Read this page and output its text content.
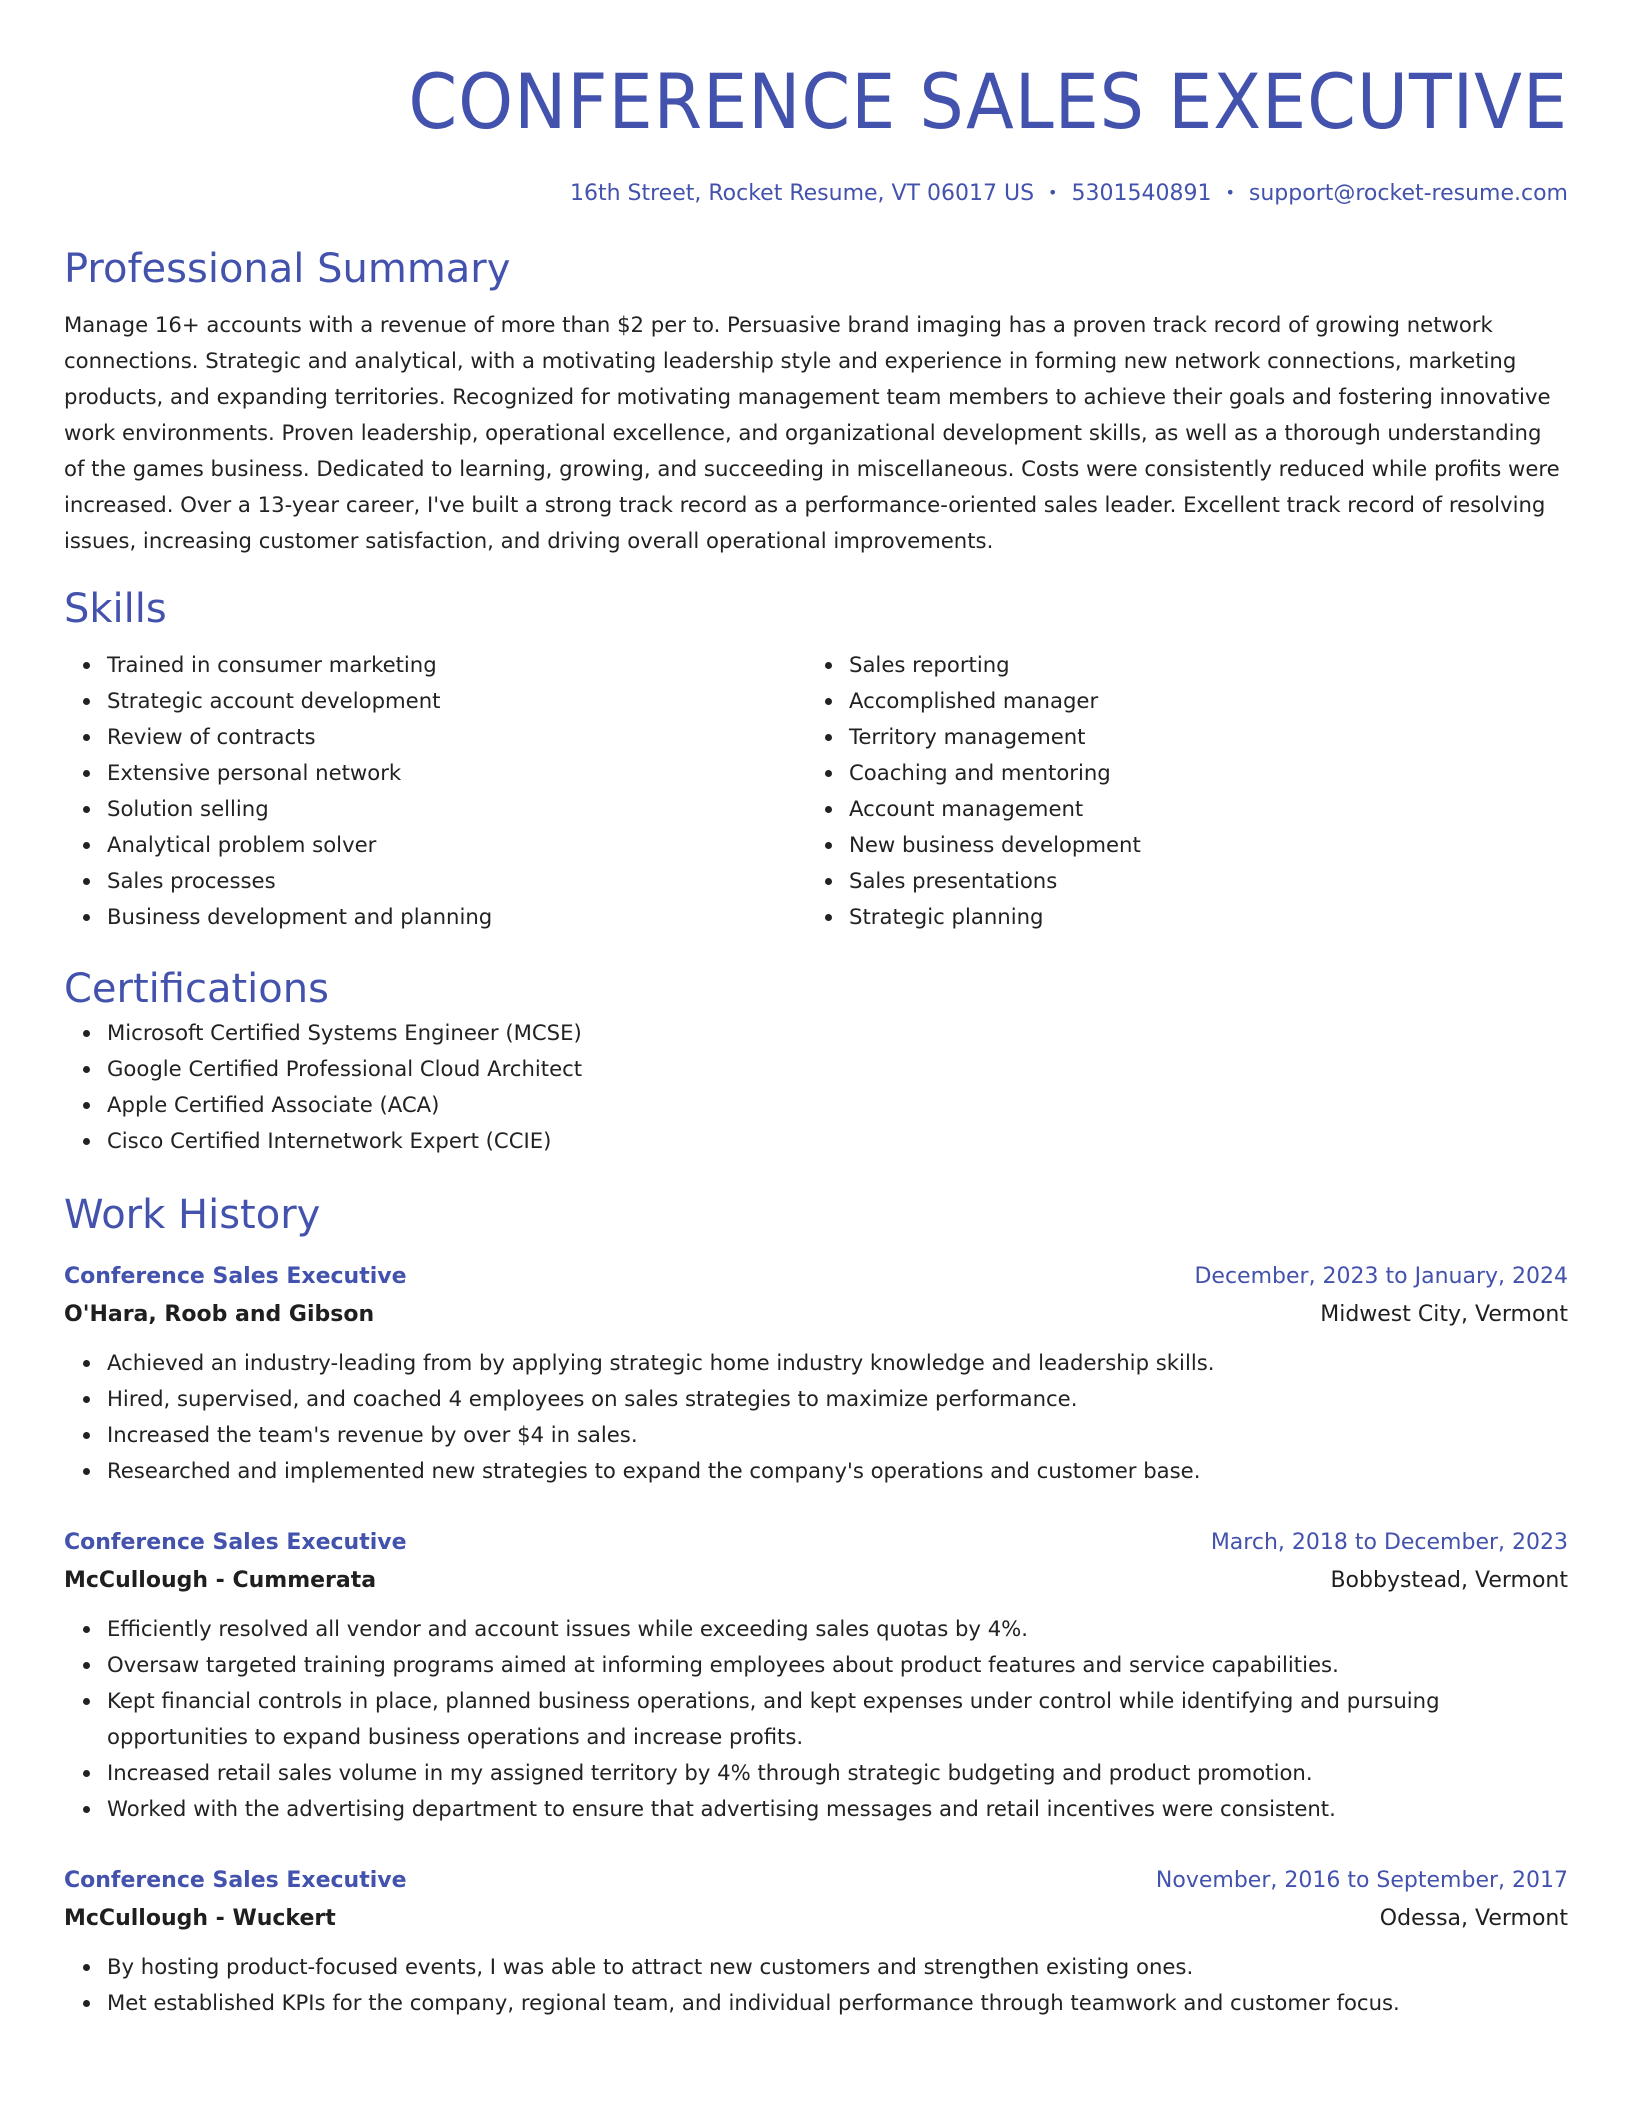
CONFERENCE SALES EXECUTIVE
16th Street, Rocket Resume, VT 06017 US • 5301540891 • support@rocket-resume.com
Professional Summary
Manage 16+ accounts with a revenue of more than $2 per to. Persuasive brand imaging has a proven track record of growing network connections. Strategic and analytical, with a motivating leadership style and experience in forming new network connections, marketing products, and expanding territories. Recognized for motivating management team members to achieve their goals and fostering innovative work environments. Proven leadership, operational excellence, and organizational development skills, as well as a thorough understanding of the games business. Dedicated to learning, growing, and succeeding in miscellaneous. Costs were consistently reduced while profits were increased. Over a 13-year career, I've built a strong track record as a performance-oriented sales leader. Excellent track record of resolving issues, increasing customer satisfaction, and driving overall operational improvements.
Skills
Trained in consumer marketing
Strategic account development
Review of contracts
Extensive personal network
Solution selling
Analytical problem solver
Sales processes
Business development and planning
Sales reporting
Accomplished manager
Territory management
Coaching and mentoring
Account management
New business development
Sales presentations
Strategic planning
Certifications
Microsoft Certified Systems Engineer (MCSE)
Google Certified Professional Cloud Architect
Apple Certified Associate (ACA)
Cisco Certified Internetwork Expert (CCIE)
Work History
Conference Sales Executive	December, 2023 to January, 2024
O'Hara, Roob and Gibson	Midwest City, Vermont
Achieved an industry-leading from by applying strategic home industry knowledge and leadership skills.
Hired, supervised, and coached 4 employees on sales strategies to maximize performance.
Increased the team's revenue by over $4 in sales.
Researched and implemented new strategies to expand the company's operations and customer base.
Conference Sales Executive	March, 2018 to December, 2023
McCullough - Cummerata	Bobbystead, Vermont
Efficiently resolved all vendor and account issues while exceeding sales quotas by 4%.
Oversaw targeted training programs aimed at informing employees about product features and service capabilities.
Kept financial controls in place, planned business operations, and kept expenses under control while identifying and pursuing opportunities to expand business operations and increase profits.
Increased retail sales volume in my assigned territory by 4% through strategic budgeting and product promotion.
Worked with the advertising department to ensure that advertising messages and retail incentives were consistent.
Conference Sales Executive	November, 2016 to September, 2017
McCullough - Wuckert	Odessa, Vermont
By hosting product-focused events, I was able to attract new customers and strengthen existing ones.
Met established KPIs for the company, regional team, and individual performance through teamwork and customer focus.
